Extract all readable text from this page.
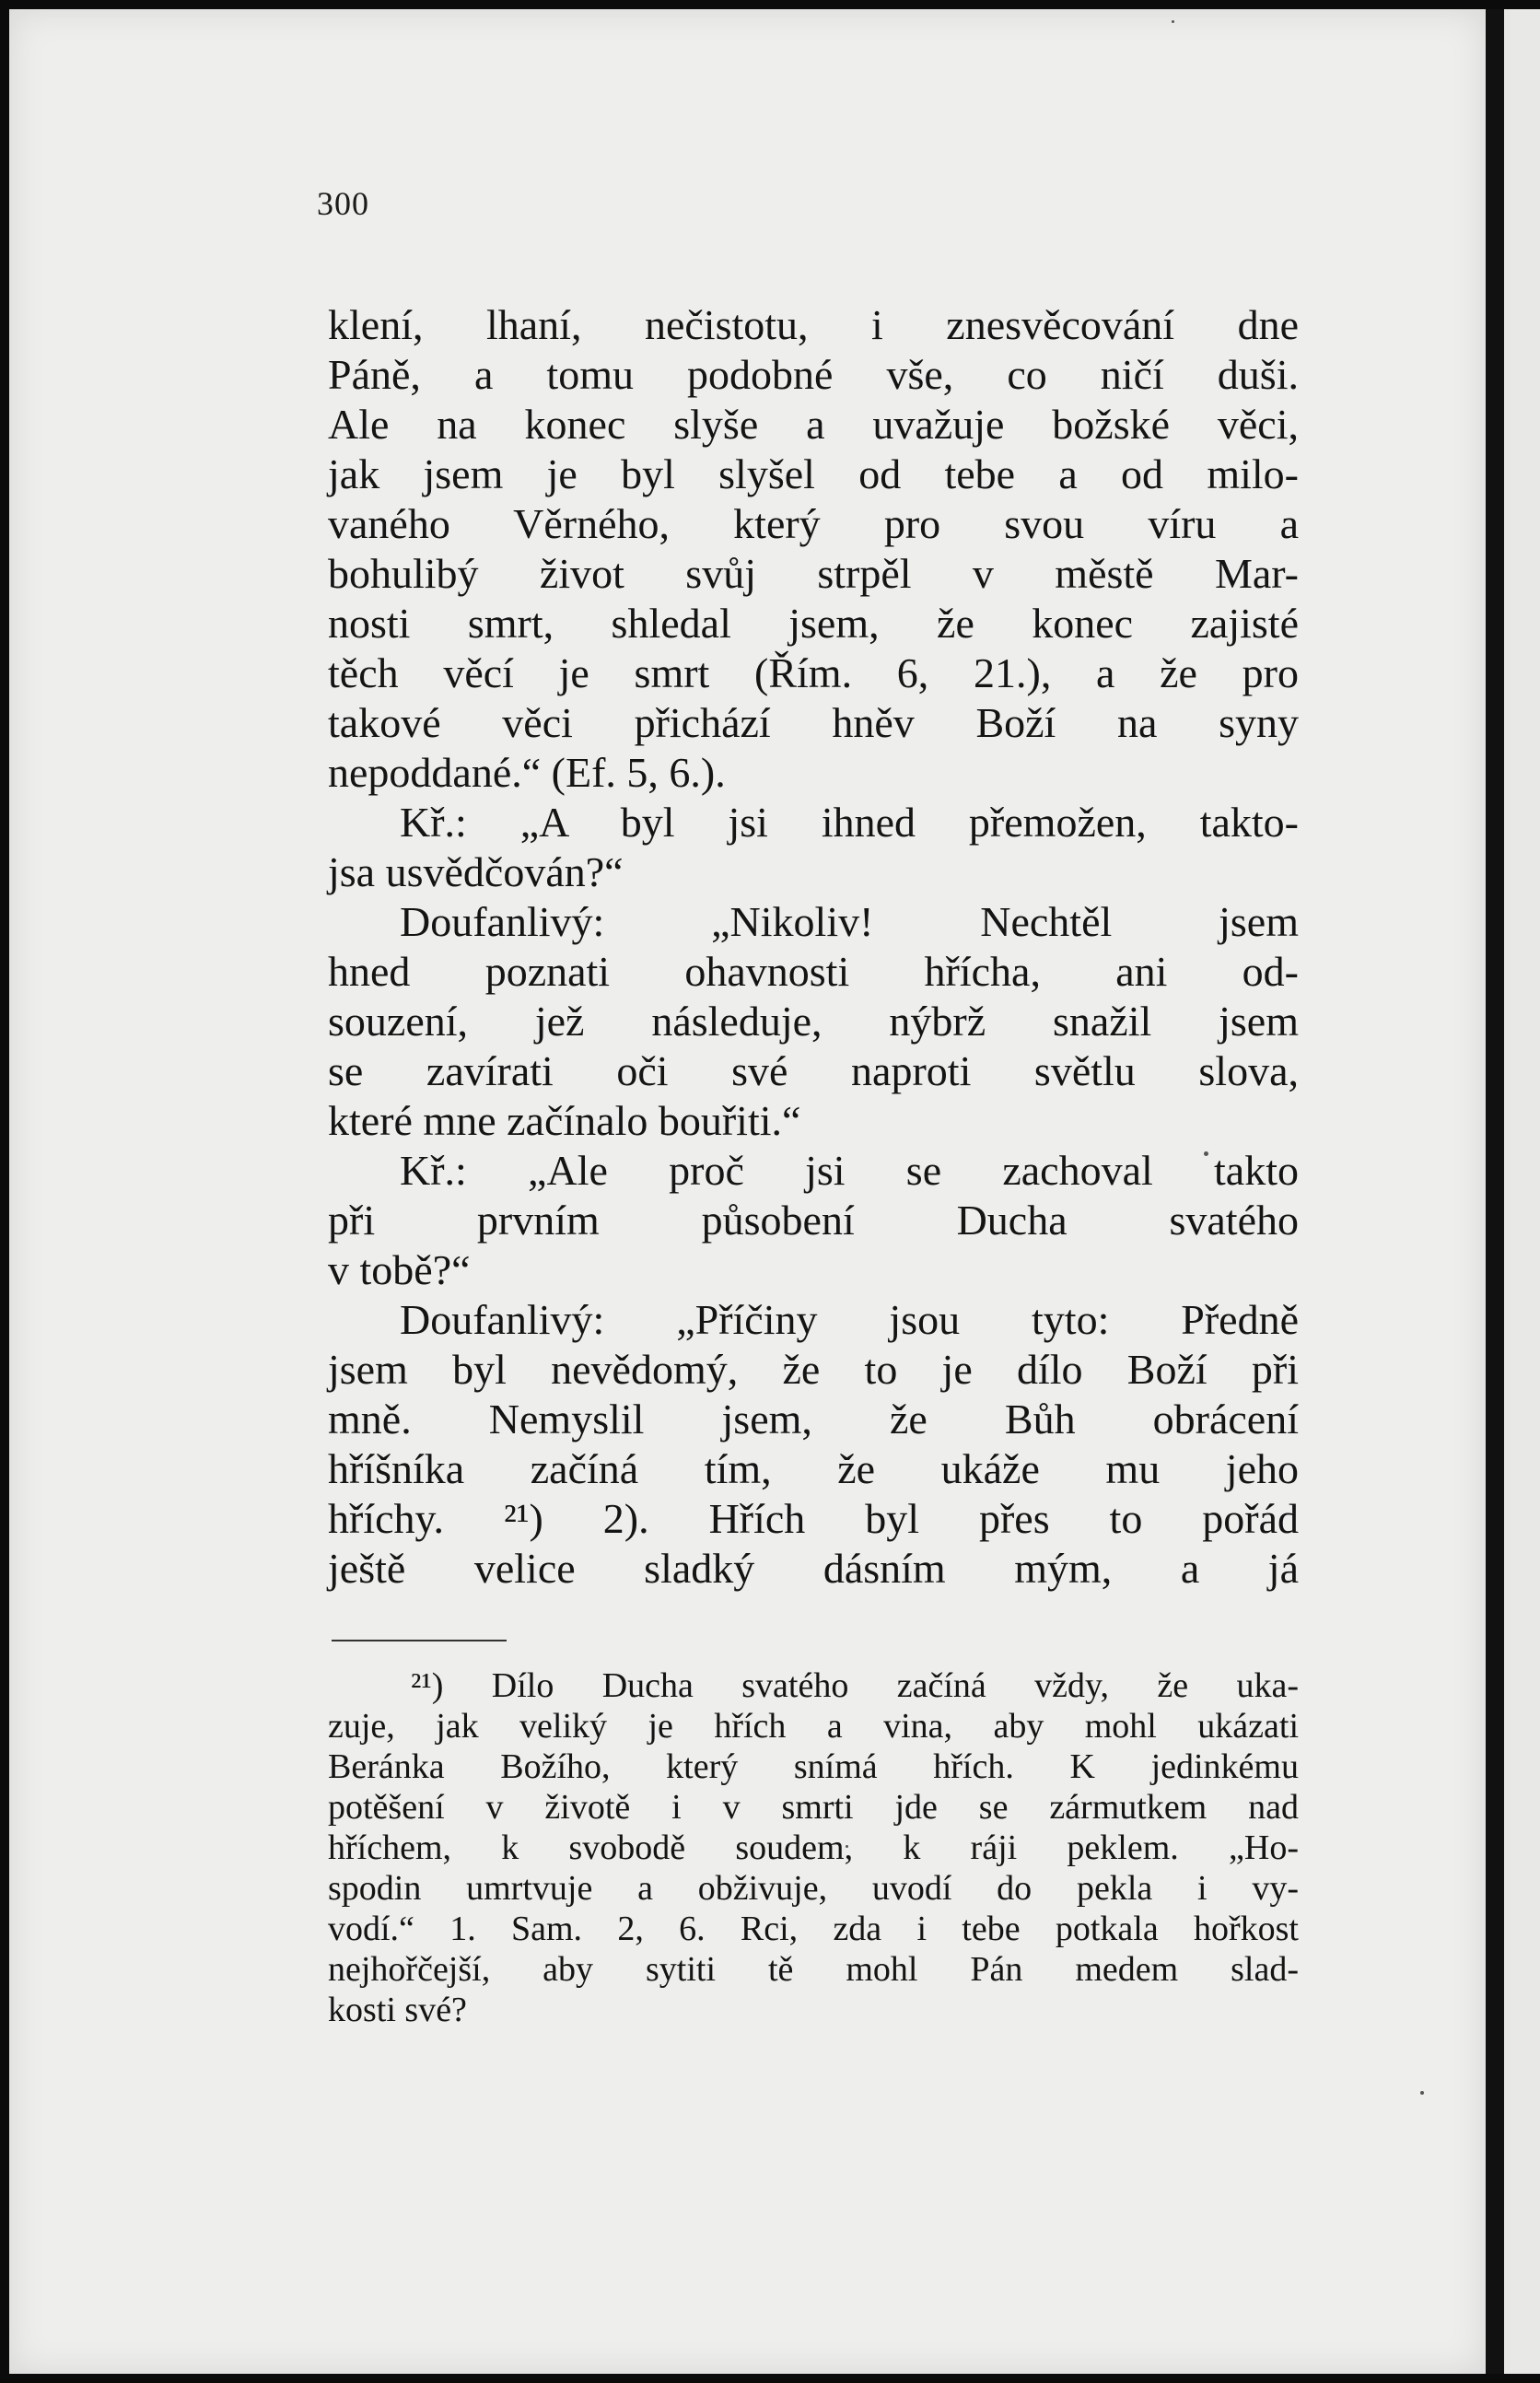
300
klení, lhaní, nečistotu, i znesvěcování dne
Páně, a tomu podobné vše, co ničí duši.
Ale na konec slyše a uvažuje božské věci,
jak jsem je byl slyšel od tebe a od milo-
vaného Věrného, který pro svou víru a
bohulibý život svůj strpěl v městě Mar-
nosti smrt, shledal jsem, že konec zajisté
těch věcí je smrt (Řím. 6, 21.), a že pro
takové věci přichází hněv Boží na syny
nepoddané.“ (Ef. 5, 6.).
Kř.: „A byl jsi ihned přemožen, takto-
jsa usvědčován?“
Doufanlivý: „Nikoliv! Nechtěl jsem
hned poznati ohavnosti hřícha, ani od-
souzení, jež následuje, nýbrž snažil jsem
se zavírati oči své naproti světlu slova,
které mne začínalo bouřiti.“
Kř.: „Ale proč jsi se zachoval takto
při prvním působení Ducha svatého
v tobě?“
Doufanlivý: „Příčiny jsou tyto: Předně
jsem byl nevědomý, že to je dílo Boží při
mně. Nemyslil jsem, že Bůh obrácení
hříšníka začíná tím, že ukáže mu jeho
hříchy. ²¹) 2). Hřích byl přes to pořád
ještě velice sladký dásním mým, a já
²¹) Dílo Ducha svatého začíná vždy, že uka-
zuje, jak veliký je hřích a vina, aby mohl ukázati
Beránka Božího, který snímá hřích. K jedinkému
potěšení v životě i v smrti jde se zármutkem nad
hříchem, k svobodě soudem, k ráji peklem. „Ho-
spodin umrtvuje a obživuje, uvodí do pekla i vy-
vodí.“ 1. Sam. 2, 6. Rci, zda i tebe potkala hořkost
nejhořčejší, aby sytiti tě mohl Pán medem slad-
kosti své?
